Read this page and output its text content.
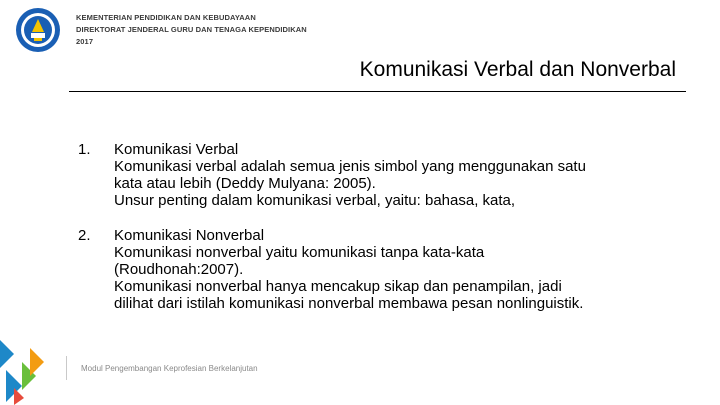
KEMENTERIAN PENDIDIKAN DAN KEBUDAYAAN
DIREKTORAT JENDERAL GURU DAN TENAGA KEPENDIDIKAN
2017
Komunikasi Verbal dan Nonverbal
1.	Komunikasi Verbal
Komunikasi verbal adalah semua jenis simbol yang menggunakan satu
kata atau lebih (Deddy Mulyana: 2005).
Unsur penting dalam komunikasi verbal, yaitu: bahasa, kata,
2.	Komunikasi Nonverbal
Komunikasi nonverbal yaitu komunikasi tanpa kata-kata
(Roudhonah:2007).
Komunikasi nonverbal hanya mencakup sikap dan penampilan, jadi
dilihat dari istilah komunikasi nonverbal membawa pesan nonlinguistik.
Modul Pengembangan Keprofesian Berkelanjutan
